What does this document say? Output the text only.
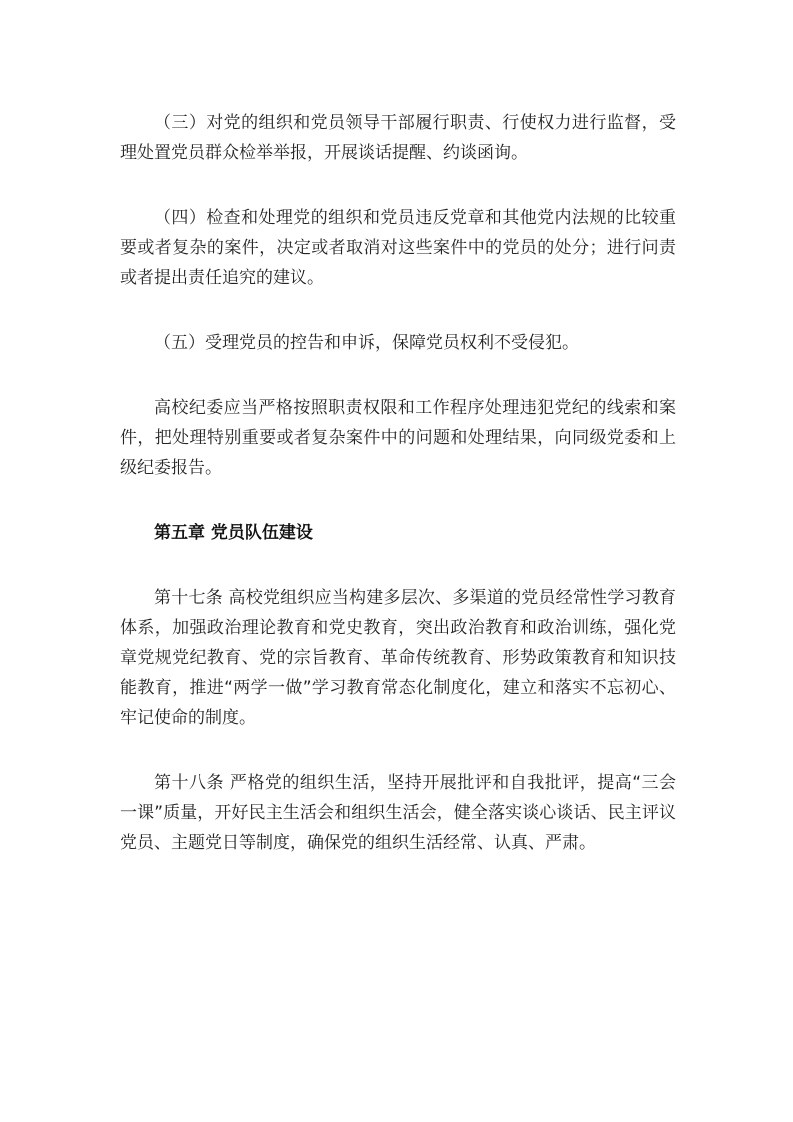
（三）对党的组织和党员领导干部履行职责、行使权力进行监督，受理处置党员群众检举举报，开展谈话提醒、约谈函询。

（四）检查和处理党的组织和党员违反党章和其他党内法规的比较重要或者复杂的案件，决定或者取消对这些案件中的党员的处分；进行问责或者提出责任追究的建议。

（五）受理党员的控告和申诉，保障党员权利不受侵犯。

高校纪委应当严格按照职责权限和工作程序处理违犯党纪的线索和案件，把处理特别重要或者复杂案件中的问题和处理结果，向同级党委和上级纪委报告。

第五章 党员队伍建设

第十七条 高校党组织应当构建多层次、多渠道的党员经常性学习教育体系，加强政治理论教育和党史教育，突出政治教育和政治训练，强化党章党规党纪教育、党的宗旨教育、革命传统教育、形势政策教育和知识技能教育，推进“两学一做”学习教育常态化制度化，建立和落实不忘初心、牢记使命的制度。

第十八条 严格党的组织生活，坚持开展批评和自我批评，提高“三会一课”质量，开好民主生活会和组织生活会，健全落实谈心谈话、民主评议党员、主题党日等制度，确保党的组织生活经常、认真、严肃。
